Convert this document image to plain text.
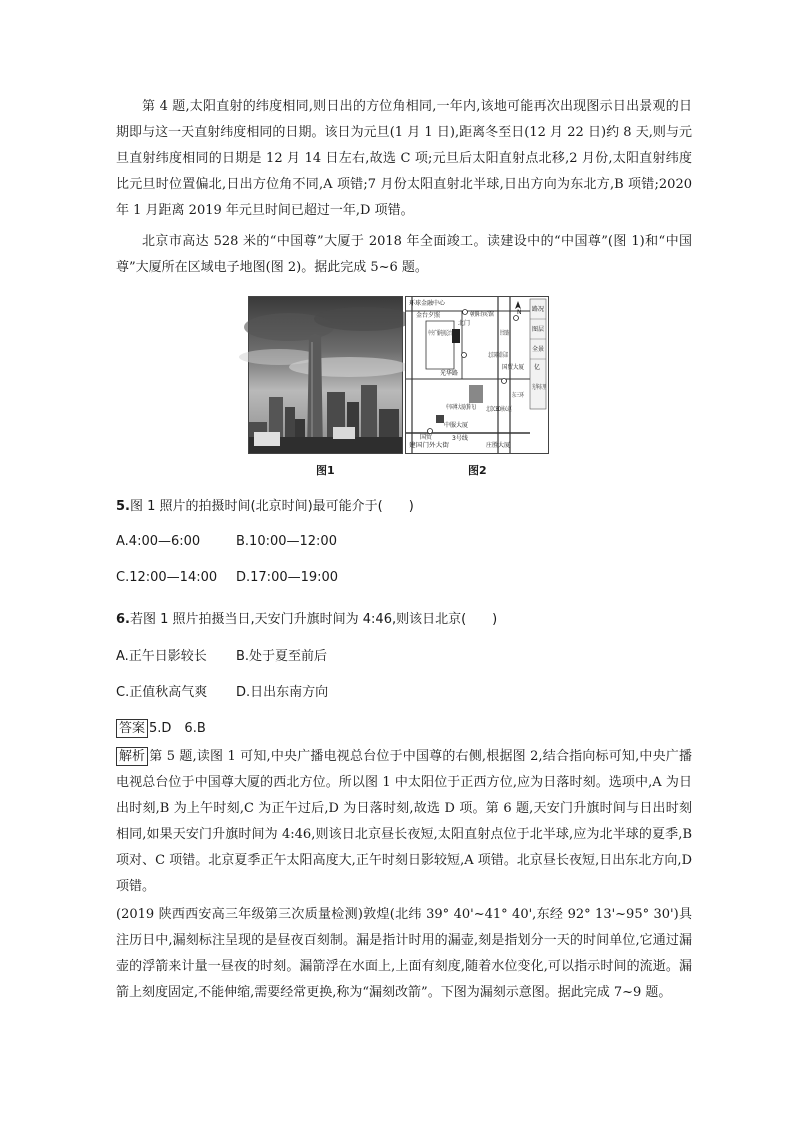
第 4 题,太阳直射的纬度相同,则日出的方位角相同,一年内,该地可能再次出现图示日出景观的日期即与这一天直射纬度相同的日期。该日为元旦(1 月 1 日),距离冬至日(12 月 22 日)约 8 天,则与元旦直射纬度相同的日期是 12 月 14 日左右,故选 C 项;元旦后太阳直射点北移,2 月份,太阳直射纬度比元旦时位置偏北,日出方位角不同,A 项错;7 月份太阳直射北半球,日出方向为东北方,B 项错;2020 年 1 月距离 2019 年元旦时间已超过一年,D 项错。

北京市高达 528 米的“中国尊”大厦于 2018 年全面竣工。读建设中的“中国尊”(图 1)和“中国尊”大厦所在区域电子地图(图 2)。据此完成 5~6 题。

环球金融中心
朝阳宾馆	N 路况
金台夕照
北门
图层
全景
光华路
亿
国贸大厦
东三环
光华东里
中国尊大厦(腾飞)
北京CBD核心区
国贸
中服大厦
3号线
建国门外大街	庄胜大厦
图1	图2

5.图 1 照片的拍摄时间(北京时间)最可能介于(　　)

A.4:00—6:00	B.10:00—12:00
C.12:00—14:00 D.17:00—19:00

6.若图 1 照片拍摄当日,天安门升旗时间为 4:46,则该日北京(　　)

A.正午日影较长 B.处于夏至前后
C.正值秋高气爽 D.日出东南方向

答案 5.D　6.B

解析 第 5 题,读图 1 可知,中央广播电视总台位于中国尊的右侧,根据图 2,结合指向标可知,中央广播电视总台位于中国尊大厦的西北方位。所以图 1 中太阳位于正西方位,应为日落时刻。选项中,A 为日出时刻,B 为上午时刻,C 为正午过后,D 为日落时刻,故选 D 项。第 6 题,天安门升旗时间与日出时刻相同,如果天安门升旗时间为 4:46,则该日北京昼长夜短,太阳直射点位于北半球,应为北半球的夏季,B 项对、C 项错。北京夏季正午太阳高度大,正午时刻日影较短,A 项错。北京昼长夜短,日出东北方向,D 项错。

(2019 陕西西安高三年级第三次质量检测)敦煌(北纬 39° 40'~41° 40',东经 92° 13'~95° 30')具注历日中,漏刻标注呈现的是昼夜百刻制。漏是指计时用的漏壶,刻是指划分一天的时间单位,它通过漏壶的浮箭来计量一昼夜的时刻。漏箭浮在水面上,上面有刻度,随着水位变化,可以指示时间的流逝。漏箭上刻度固定,不能伸缩,需要经常更换,称为“漏刻改箭”。下图为漏刻示意图。据此完成 7~9 题。
